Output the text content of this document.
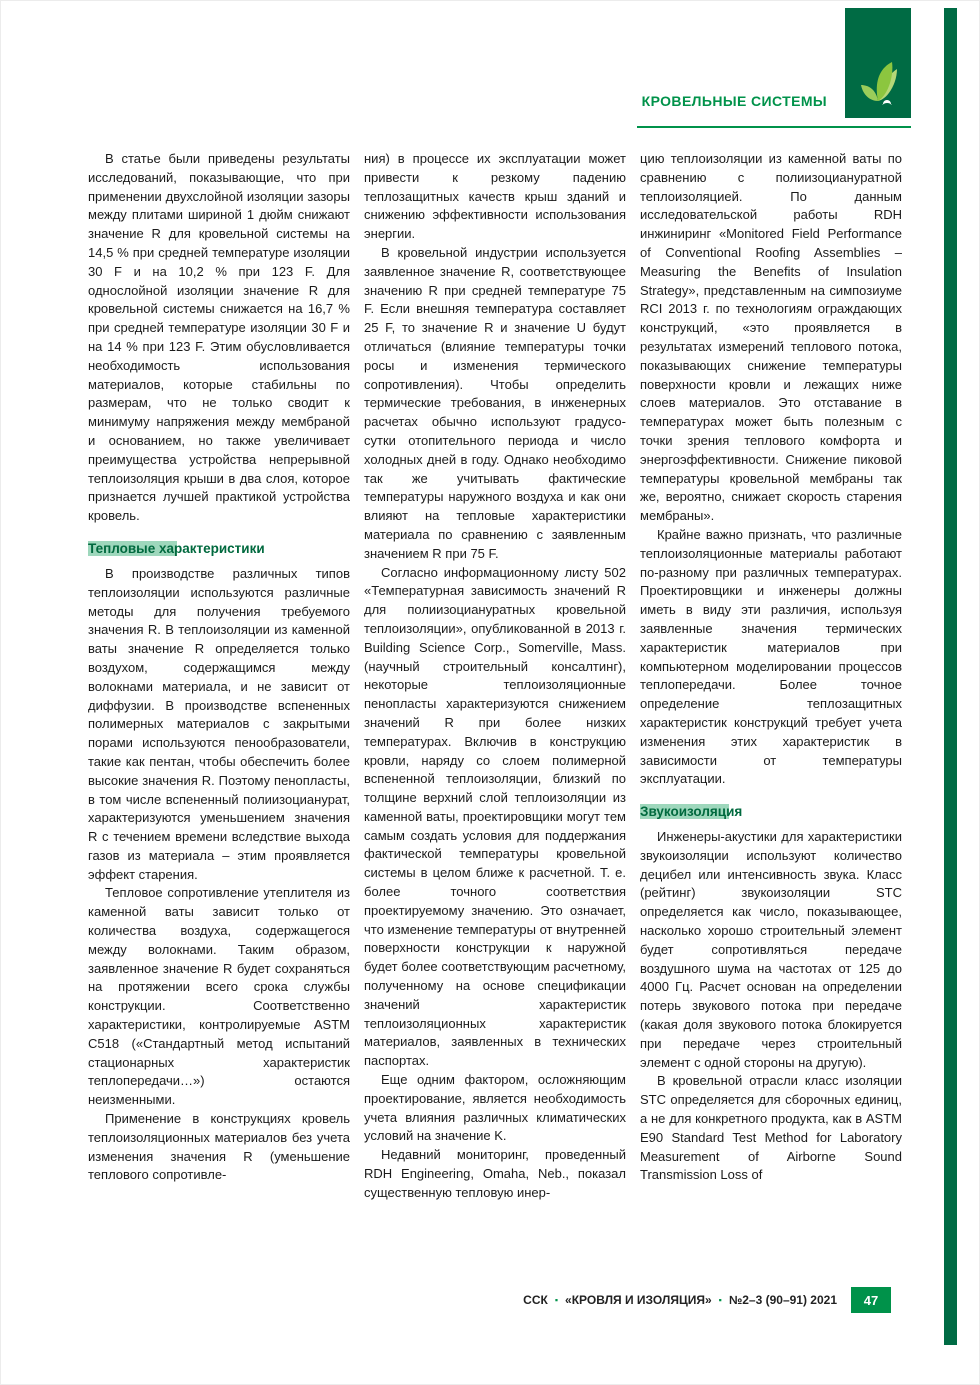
КРОВЕЛЬНЫЕ СИСТЕМЫ

В статье были приведены результаты исследований, показывающие, что при применении двухслойной изоляции зазоры между плитами шириной 1 дюйм снижают значение R для кровельной системы на 14,5 % при средней температуре изоляции 30 F и на 10,2 % при 123 F. Для однослойной изоляции значение R для кровельной системы снижается на 16,7 % при средней температуре изоляции 30 F и на 14 % при 123 F. Этим обусловливается необходимость использования материалов, которые стабильны по размерам, что не только сводит к минимуму напряжения между мембраной и основанием, но также увеличивает преимущества устройства непрерывной теплоизоляция крыши в два слоя, которое признается лучшей практикой устройства кровель.

Тепловые характеристики

В производстве различных типов теплоизоляции используются различные методы для получения требуемого значения R. В теплоизоляции из каменной ваты значение R определяется только воздухом, содержащимся между волокнами материала, и не зависит от диффузии. В производстве вспененных полимерных материалов с закрытыми порами используются пенообразователи, такие как пентан, чтобы обеспечить более высокие значения R. Поэтому пенопласты, в том числе вспененный полиизоцианурат, характеризуются уменьшением значения R с течением времени вследствие выхода газов из материала – этим проявляется эффект старения.

Тепловое сопротивление утеплителя из каменной ваты зависит только от количества воздуха, содержащегося между волокнами. Таким образом, заявленное значение R будет сохраняться на протяжении всего срока службы конструкции. Соответственно характеристики, контролируемые ASTM C518 («Стандартный метод испытаний стационарных характеристик теплопередачи…») остаются неизменными.

Применение в конструкциях кровель теплоизоляционных материалов без учета изменения значения R (уменьшение теплового сопротивле-

ния) в процессе их эксплуатации может привести к резкому падению теплозащитных качеств крыш зданий и снижению эффективности использования энергии.

В кровельной индустрии используется заявленное значение R, соответствующее значению R при средней температуре 75 F. Если внешняя температура составляет 25 F, то значение R и значение U будут отличаться (влияние температуры точки росы и изменения термического сопротивления). Чтобы определить термические требования, в инженерных расчетах обычно используют градусо-сутки отопительного периода и число холодных дней в году. Однако необходимо так же учитывать фактические температуры наружного воздуха и как они влияют на тепловые характеристики материала по сравнению с заявленным значением R при 75 F.

Согласно информационному листу 502 «Температурная зависимость значений R для полиизоциануратных кровельной теплоизоляции», опубликованной в 2013 г. Building Science Corp., Somerville, Mass. (научный строительный консалтинг), некоторые теплоизоляционные пенопласты характеризуются снижением значений R при более низких температурах. Включив в конструкцию кровли, наряду со слоем полимерной вспененной теплоизоляции, близкий по толщине верхний слой теплоизоляции из каменной ваты, проектировщики могут тем самым создать условия для поддержания фактической температуры кровельной системы в целом ближе к расчетной. Т. е. более точного соответствия проектируемому значению. Это означает, что изменение температуры от внутренней поверхности конструкции к наружной будет более соответствующим расчетному, полученному на основе спецификации значений характеристик теплоизоляционных характеристик материалов, заявленных в технических паспортах.

Еще одним фактором, осложняющим проектирование, является необходимость учета влияния различных климатических условий на значение K.

Недавний мониторинг, проведенный RDH Engineering, Omaha, Neb., показал существенную тепловую инер-

цию теплоизоляции из каменной ваты по сравнению с полиизоциануратной теплоизоляцией. По данным исследовательской работы RDH инжиниринг «Monitored Field Performance of Conventional Roofing Assemblies – Measuring the Benefits of Insulation Strategy», представленным на симпозиуме RCI 2013 г. по технологиям ограждающих конструкций, «это проявляется в результатах измерений теплового потока, показывающих снижение температуры поверхности кровли и лежащих ниже слоев материалов. Это отставание в температурах может быть полезным с точки зрения теплового комфорта и энергоэффективности. Снижение пиковой температуры кровельной мембраны так же, вероятно, снижает скорость старения мембраны».

Крайне важно признать, что различные теплоизоляционные материалы работают по-разному при различных температурах. Проектировщики и инженеры должны иметь в виду эти различия, используя заявленные значения термических характеристик материалов при компьютерном моделировании процессов теплопередачи. Более точное определение теплозащитных характеристик конструкций требует учета изменения этих характеристик в зависимости от температуры эксплуатации.

Звукоизоляция

Инженеры-акустики для характеристики звукоизоляции используют количество децибел или интенсивность звука. Класс (рейтинг) звукоизоляции STC определяется как число, показывающее, насколько хорошо строительный элемент будет сопротивляться передаче воздушного шума на частотах от 125 до 4000 Гц. Расчет основан на определении потерь звукового потока при передаче (какая доля звукового потока блокируется при передаче через строительный элемент с одной стороны на другую).

В кровельной отрасли класс изоляции STC определяется для сборочных единиц, а не для конкретного продукта, как в ASTM E90 Standard Test Method for Laboratory Measurement of Airborne Sound Transmission Loss of

ССК ▪ «КРОВЛЯ И ИЗОЛЯЦИЯ» ▪ №2–3 (90–91) 2021	47
